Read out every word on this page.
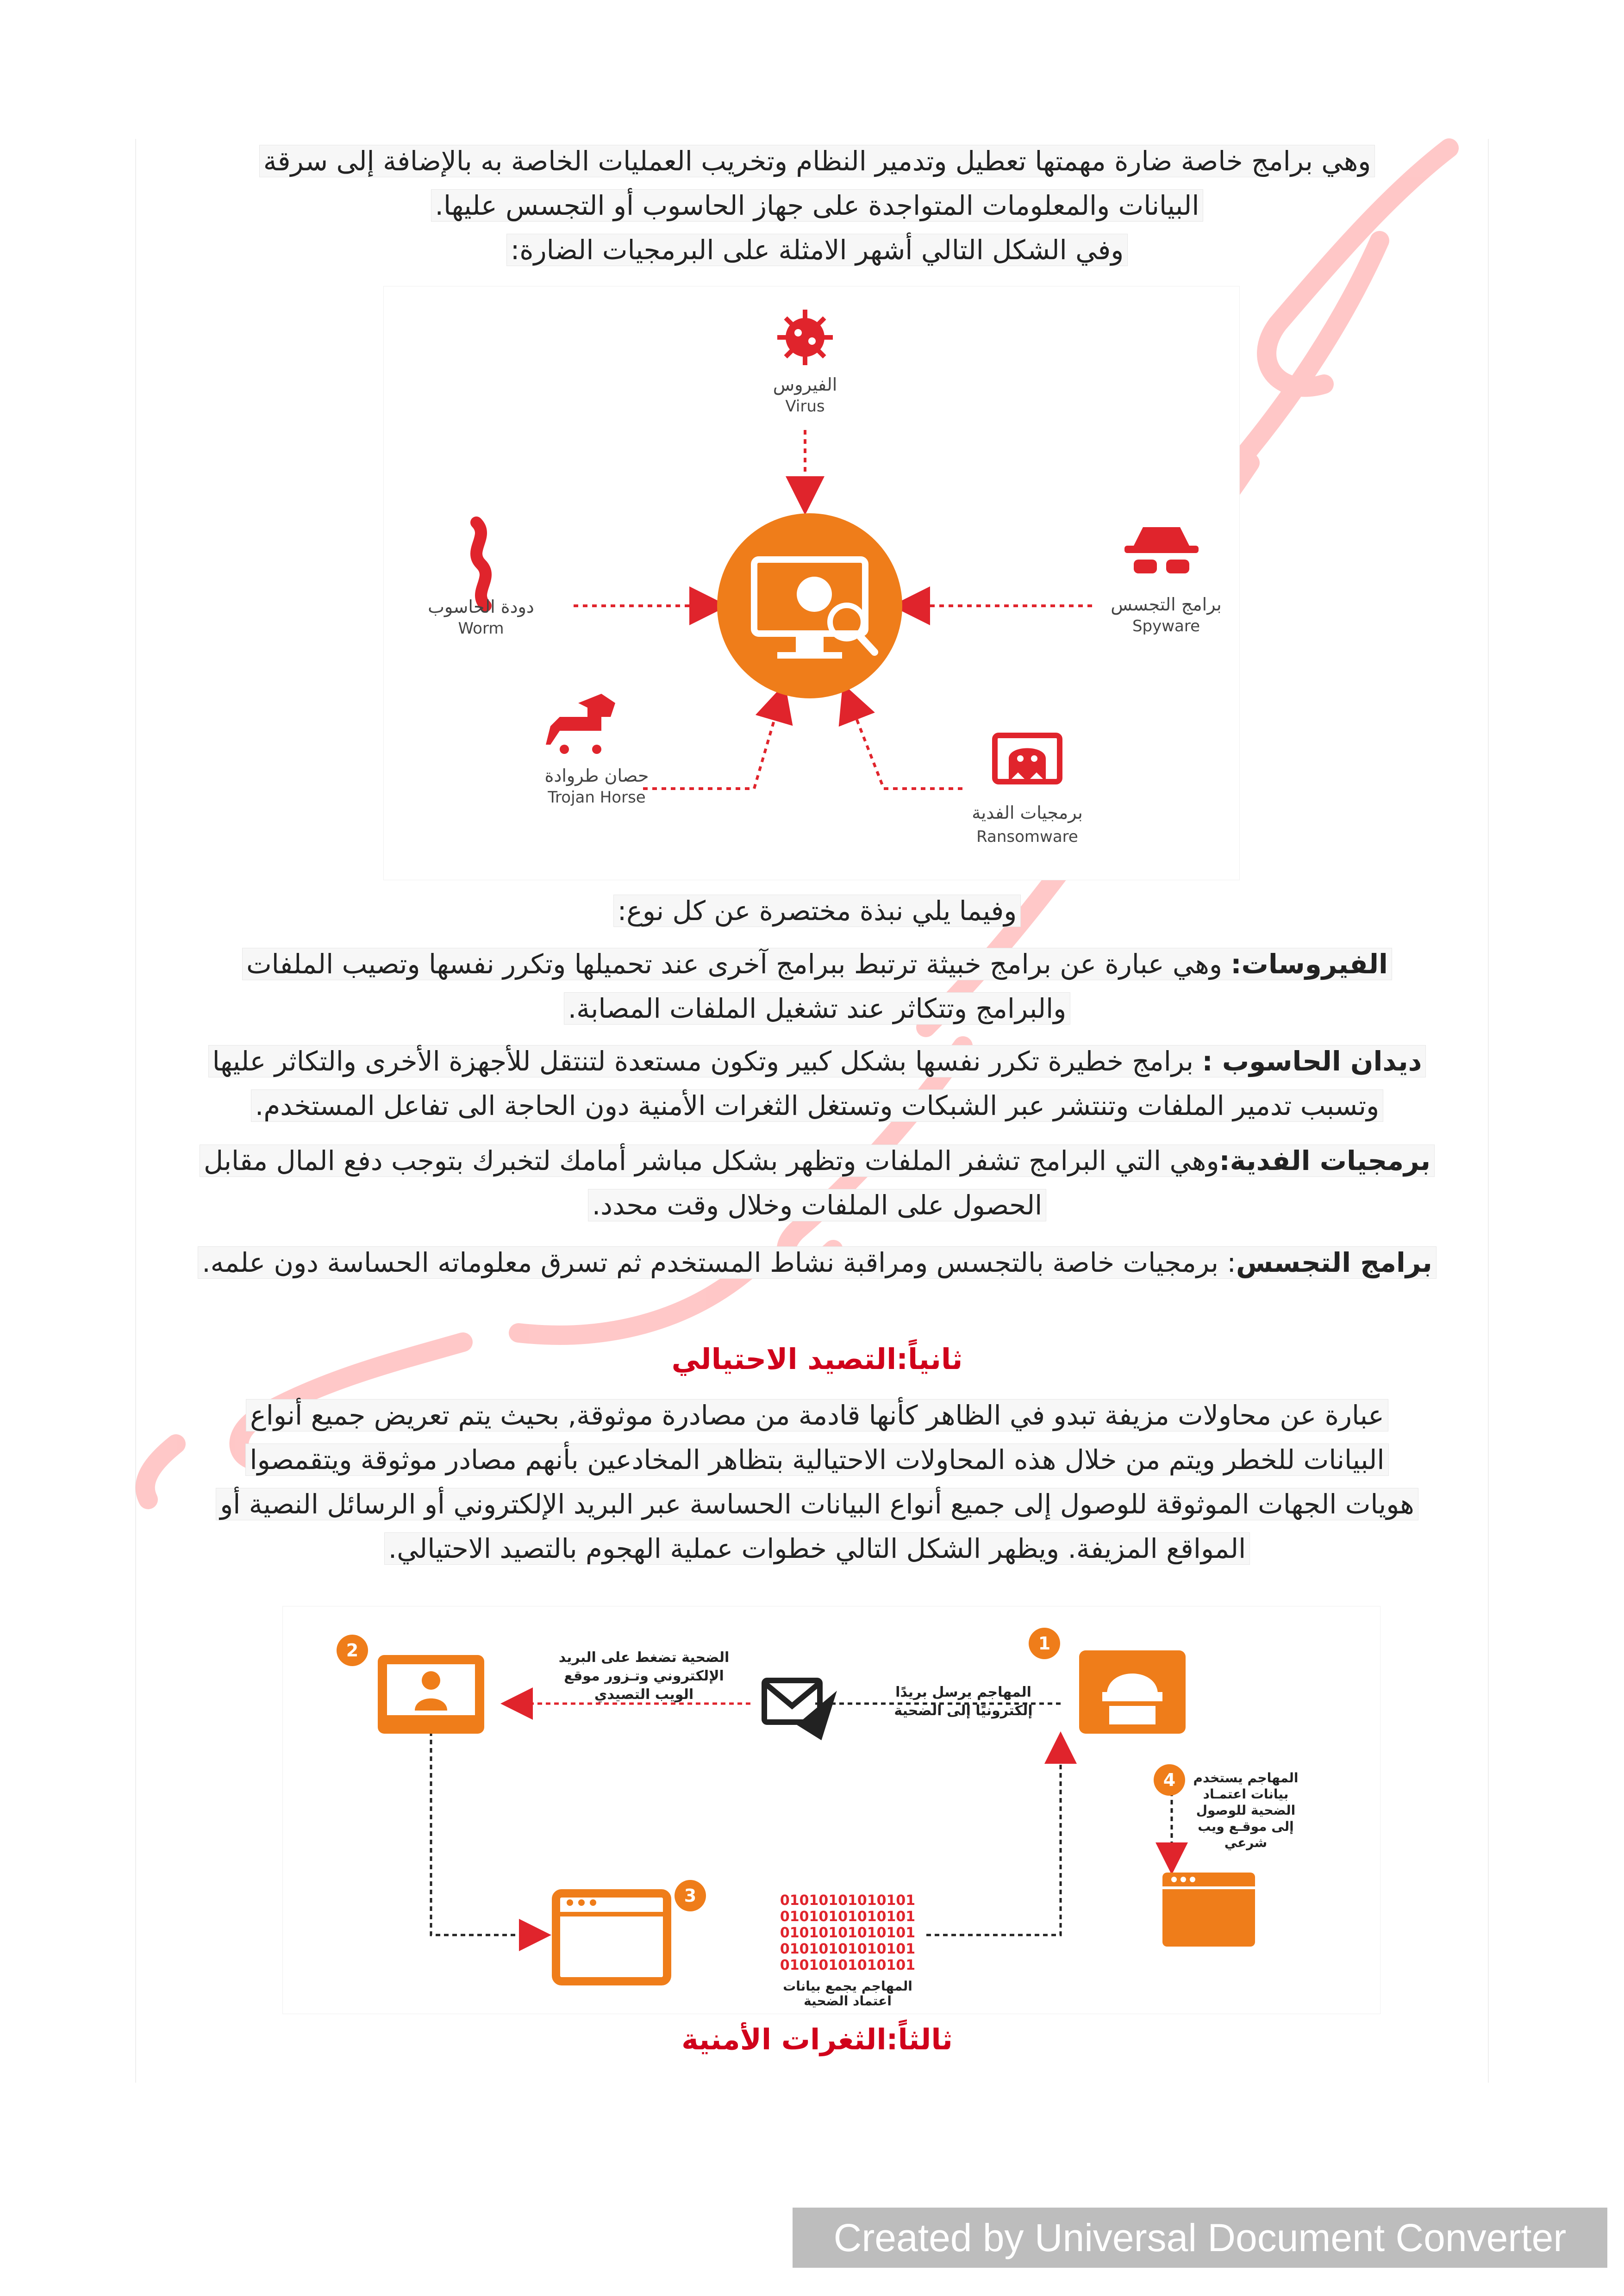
وهي برامج خاصة ضارة مهمتها تعطيل وتدمير النظام وتخريب العمليات الخاصة به بالإضافة إلى سرقة
البيانات والمعلومات المتواجدة على جهاز الحاسوب أو التجسس عليها.
وفي الشكل التالي أشهر الامثلة على البرمجيات الضارة:
الفيروس
Virus
دودة الحاسوب
Worm
برامج التجسس
Spyware
حصان طروادة
Trojan Horse
برمجيات الفدية
Ransomware
وفيما يلي نبذة مختصرة عن كل نوع:
الفيروسات: وهي عبارة عن برامج خبيثة ترتبط ببرامج آخرى عند تحميلها وتكرر نفسها وتصيب الملفات
والبرامج وتتكاثر عند تشغيل الملفات المصابة.
ديدان الحاسوب : برامج خطيرة تكرر نفسها بشكل كبير وتكون مستعدة لتنتقل للأجهزة الأخرى والتكاثر عليها
وتسبب تدمير الملفات وتنتشر عبر الشبكات وتستغل الثغرات الأمنية دون الحاجة الى تفاعل المستخدم.
برمجيات الفدية:وهي التي البرامج تشفر الملفات وتظهر بشكل مباشر أمامك لتخبرك بتوجب دفع المال مقابل
الحصول على الملفات وخلال وقت محدد.
برامج التجسس: برمجيات خاصة بالتجسس ومراقبة نشاط المستخدم ثم تسرق معلوماته الحساسة دون علمه.
ثانياً:التصيد الاحتيالي
عبارة عن محاولات مزيفة تبدو في الظاهر كأنها قادمة من مصادرة موثوقة, بحيث يتم تعريض جميع أنواع
البيانات للخطر ويتم من خلال هذه المحاولات الاحتيالية بتظاهر المخادعين بأنهم مصادر موثوقة ويتقمصوا
هويات الجهات الموثوقة للوصول إلى جميع أنواع البيانات الحساسة عبر البريد الإلكتروني أو الرسائل النصية أو
المواقع المزيفة. ويظهر الشكل التالي خطوات عملية الهجوم بالتصيد الاحتيالي.
2	الضحية تضغط على البريد
الإلكتروني وتـزور موقع
الويب التصيدي
1
المهاجم يرسل بريدًا
إلكترونيًا إلى الضحية
4 المهاجم يستخدم
بيانات اعتمـاد
الضحية للوصول
إلى موقـع ويب
شرعي
3	01010101010101
01010101010101
01010101010101
01010101010101
01010101010101
المهاجم يجمع بيانات
اعتماد الضحية
ثالثاً:الثغرات الأمنية
Created by Universal Document Converter
